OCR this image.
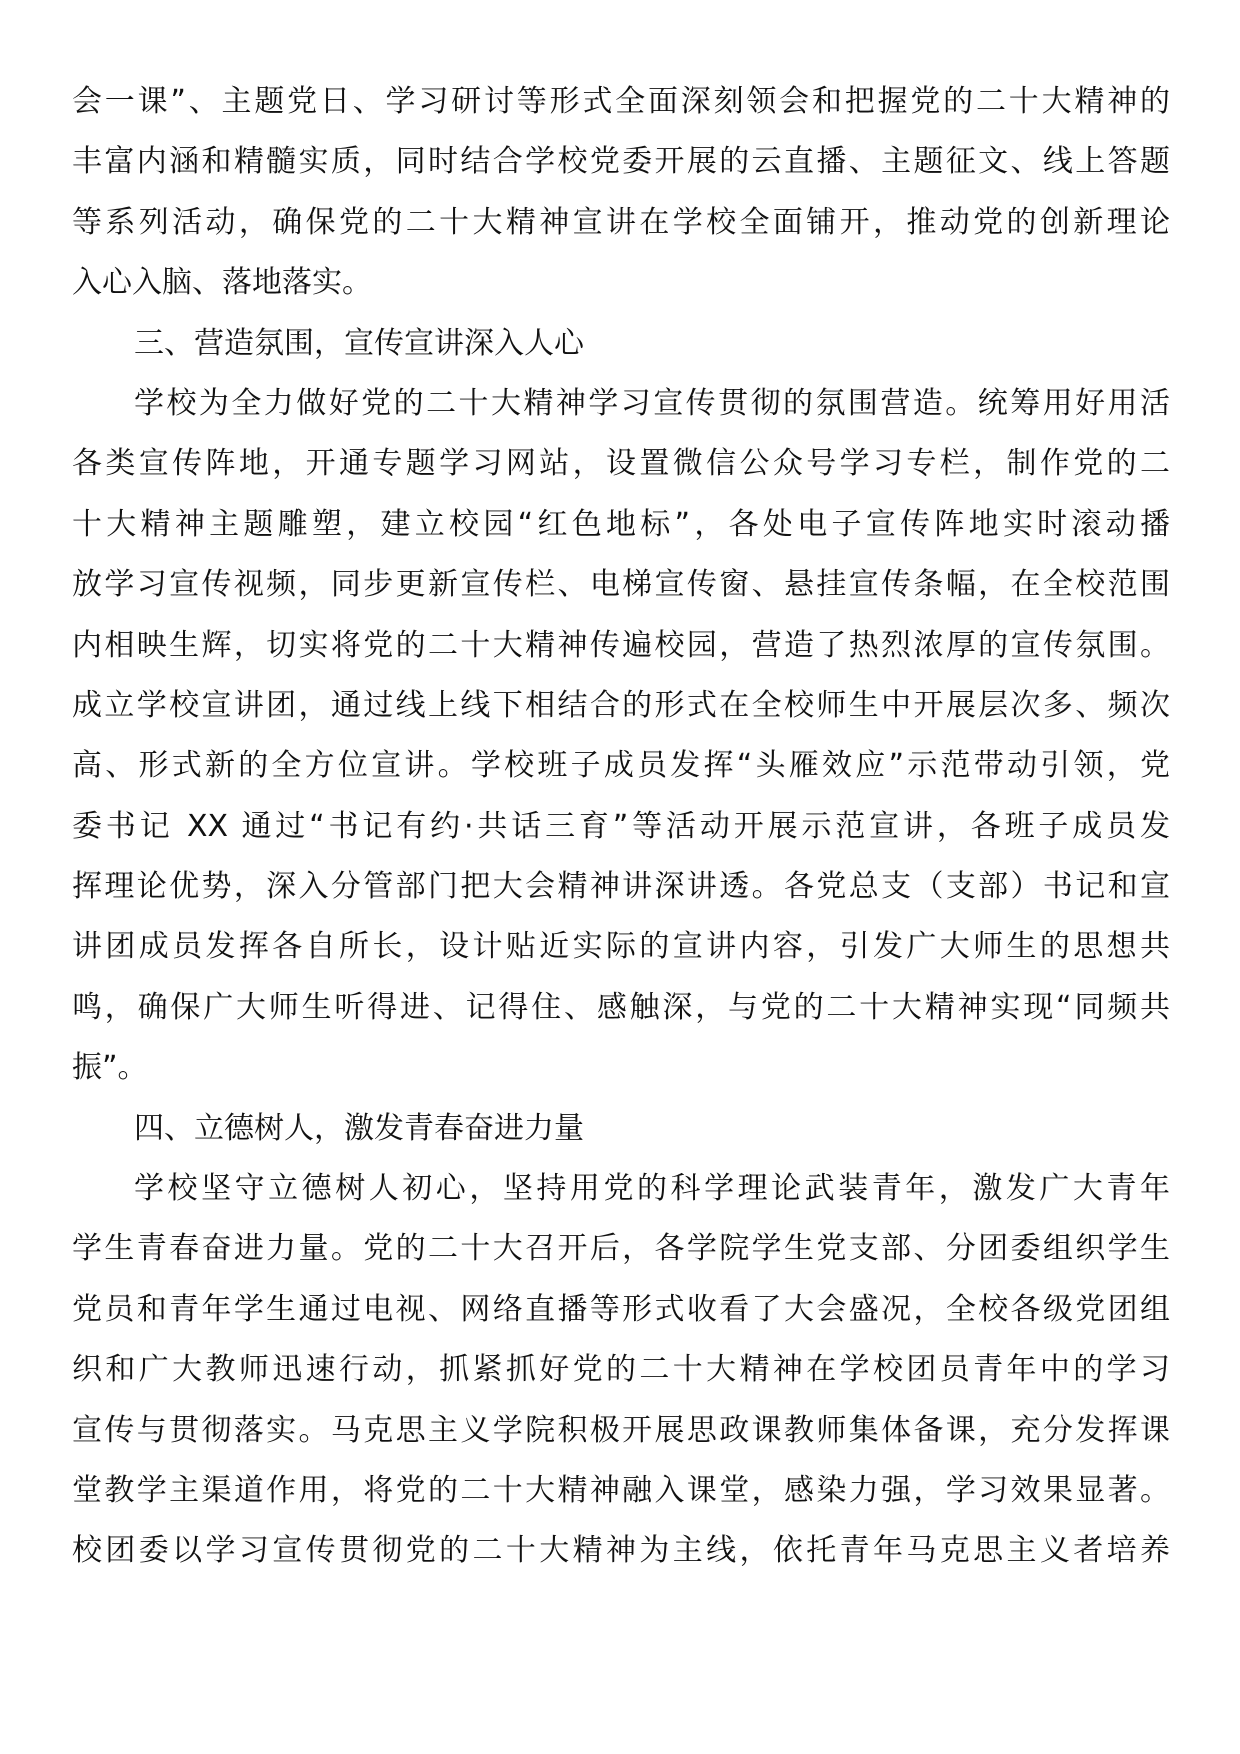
会一课”、主题党日、学习研讨等形式全面深刻领会和把握党的二十大精神的
丰富内涵和精髓实质，同时结合学校党委开展的云直播、主题征文、线上答题
等系列活动，确保党的二十大精神宣讲在学校全面铺开，推动党的创新理论
入心入脑、落地落实。
三、营造氛围，宣传宣讲深入人心
学校为全力做好党的二十大精神学习宣传贯彻的氛围营造。统筹用好用活
各类宣传阵地，开通专题学习网站，设置微信公众号学习专栏，制作党的二
十大精神主题雕塑，建立校园“红色地标”，各处电子宣传阵地实时滚动播
放学习宣传视频，同步更新宣传栏、电梯宣传窗、悬挂宣传条幅，在全校范围
内相映生辉，切实将党的二十大精神传遍校园，营造了热烈浓厚的宣传氛围。
成立学校宣讲团，通过线上线下相结合的形式在全校师生中开展层次多、频次
高、形式新的全方位宣讲。学校班子成员发挥“头雁效应”示范带动引领，党
委书记 XX 通过“书记有约·共话三育”等活动开展示范宣讲，各班子成员发
挥理论优势，深入分管部门把大会精神讲深讲透。各党总支（支部）书记和宣
讲团成员发挥各自所长，设计贴近实际的宣讲内容，引发广大师生的思想共
鸣，确保广大师生听得进、记得住、感触深，与党的二十大精神实现“同频共
振”。
四、立德树人，激发青春奋进力量
学校坚守立德树人初心，坚持用党的科学理论武装青年，激发广大青年
学生青春奋进力量。党的二十大召开后，各学院学生党支部、分团委组织学生
党员和青年学生通过电视、网络直播等形式收看了大会盛况，全校各级党团组
织和广大教师迅速行动，抓紧抓好党的二十大精神在学校团员青年中的学习
宣传与贯彻落实。马克思主义学院积极开展思政课教师集体备课，充分发挥课
堂教学主渠道作用，将党的二十大精神融入课堂，感染力强，学习效果显著。
校团委以学习宣传贯彻党的二十大精神为主线，依托青年马克思主义者培养
